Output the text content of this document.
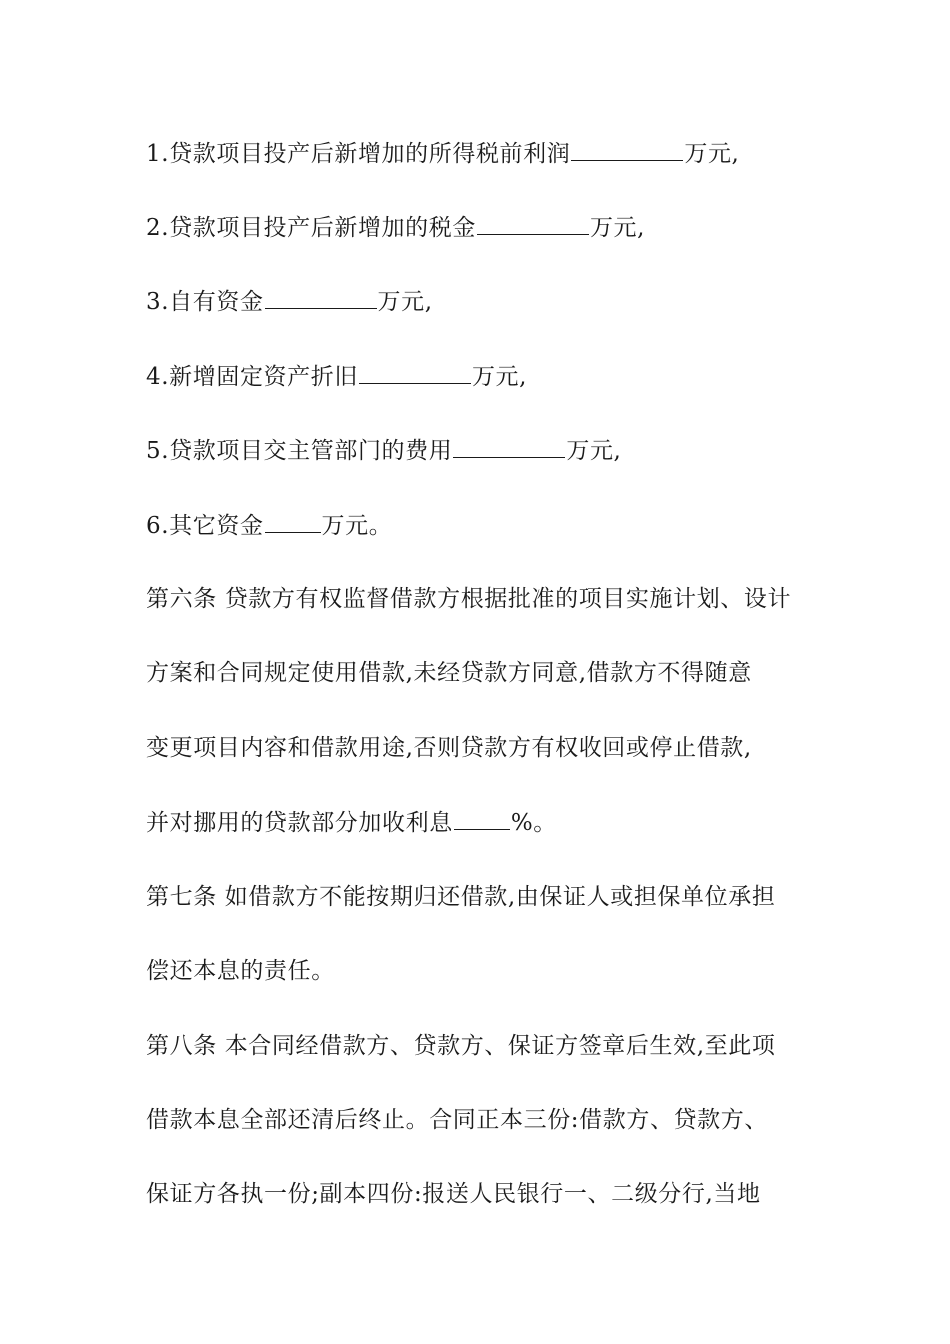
1.贷款项目投产后新增加的所得税前利润	万元,
2.贷款项目投产后新增加的税金	万元,
3.自有资金	万元,
4.新增固定资产折旧	万元,
5.贷款项目交主管部门的费用	万元,
6.其它资金	万元。
第六条 贷款方有权监督借款方根据批准的项目实施计划、设计
方案和合同规定使用借款,未经贷款方同意,借款方不得随意
变更项目内容和借款用途,否则贷款方有权收回或停止借款,
并对挪用的贷款部分加收利息	%。
第七条 如借款方不能按期归还借款,由保证人或担保单位承担
偿还本息的责任。
第八条 本合同经借款方、贷款方、保证方签章后生效,至此项
借款本息全部还清后终止。合同正本三份:借款方、贷款方、
保证方各执一份;副本四份:报送人民银行一、二级分行,当地
